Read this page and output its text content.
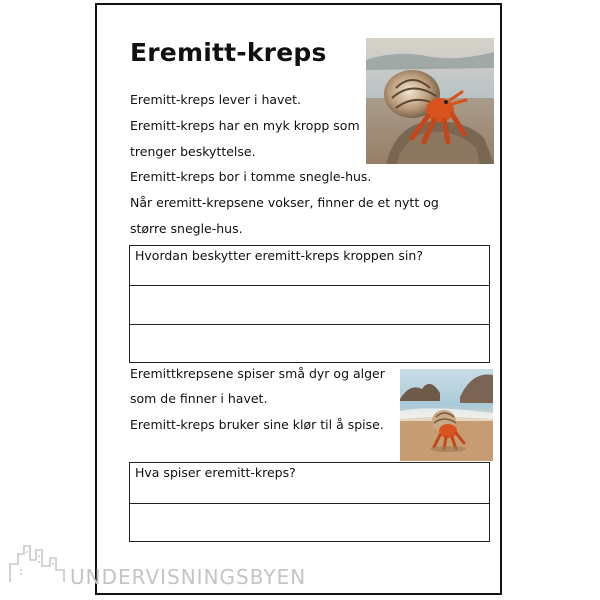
Eremitt-kreps

Eremitt-kreps lever i havet.

Eremitt-kreps har en myk kropp som

trenger beskyttelse.

Eremitt-kreps bor i tomme snegle-hus.

Når eremitt-krepsene vokser, finner de et nytt og

større snegle-hus.

Hvordan beskytter eremitt-kreps kroppen sin?

Eremittkrepsene spiser små dyr og alger

som de finner i havet.

Eremitt-kreps bruker sine klør til å spise.

Hva spiser eremitt-kreps?
UNDERVISNINGSBYEN
